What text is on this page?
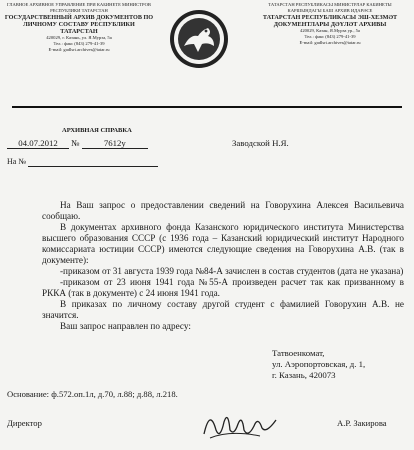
ГЛАВНОЕ АРХИВНОЕ УПРАВЛЕНИЕ ПРИ КАБИНЕТЕ МИНИСТРОВ РЕСПУБЛИКИ ТАТАРСТАН
ГОСУДАРСТВЕННЫЙ АРХИВ ДОКУМЕНТОВ ПО ЛИЧНОМУ СОСТАВУ РЕСПУБЛИКИ ТАТАРСТАН
420029, г. Казань, ул. Я.Мурза, 5а
Тел.: факс (843) 279-41-39
E-mail: gadlsrt.archives@tatar.ru
ТАТАРСТАН РЕСПУБЛИКАСЫ МИНИСТРЛАР КАБИНЕТЫ КАРШЫНДАГЫ БАШ АРХИВ ИДАРӘСЕ
ТАТАРСТАН РЕСПУБЛИКАСЫ ЭШ-ХЕЗМӘТ ДОКУМЕНТЛАРЫ ДӘҮЛӘТ АРХИВЫ
420029, Казан, Я.Мурза ур., 5а
Тел.: факс (843) 279-41-39
E-mail: gadlsrt.archives@tatar.ru
АРХИВНАЯ СПРАВКА
04.07.2012 №	7612у	Заводской Н.Я.
На №

На Ваш запрос о предоставлении сведений на Говорухина Алексея Васильевича сообщаю.

В документах архивного фонда Казанского юридического института Министерства высшего образования СССР (с 1936 года – Казанский юридический институт Народного комиссариата юстиции СССР) имеются следующие сведения на Говорухина А.В. (так в документе):

-приказом от 31 августа 1939 года №84-А зачислен в состав студентов (дата не указана)

-приказом от 23 июня 1941 года №55-А произведен расчет так как призванному в РККА (так в документе) с 24 июня 1941 года.

В приказах по личному составу другой студент с фамилией Говорухин А.В. не значится.

Ваш запрос направлен по адресу:

Татвоенкомат,
ул. Аэропортовская, д. 1,
г. Казань, 420073
Основание: ф.572.оп.1л, д.70, л.88; д.88, л.218.
Директор	А.Р. Закирова
